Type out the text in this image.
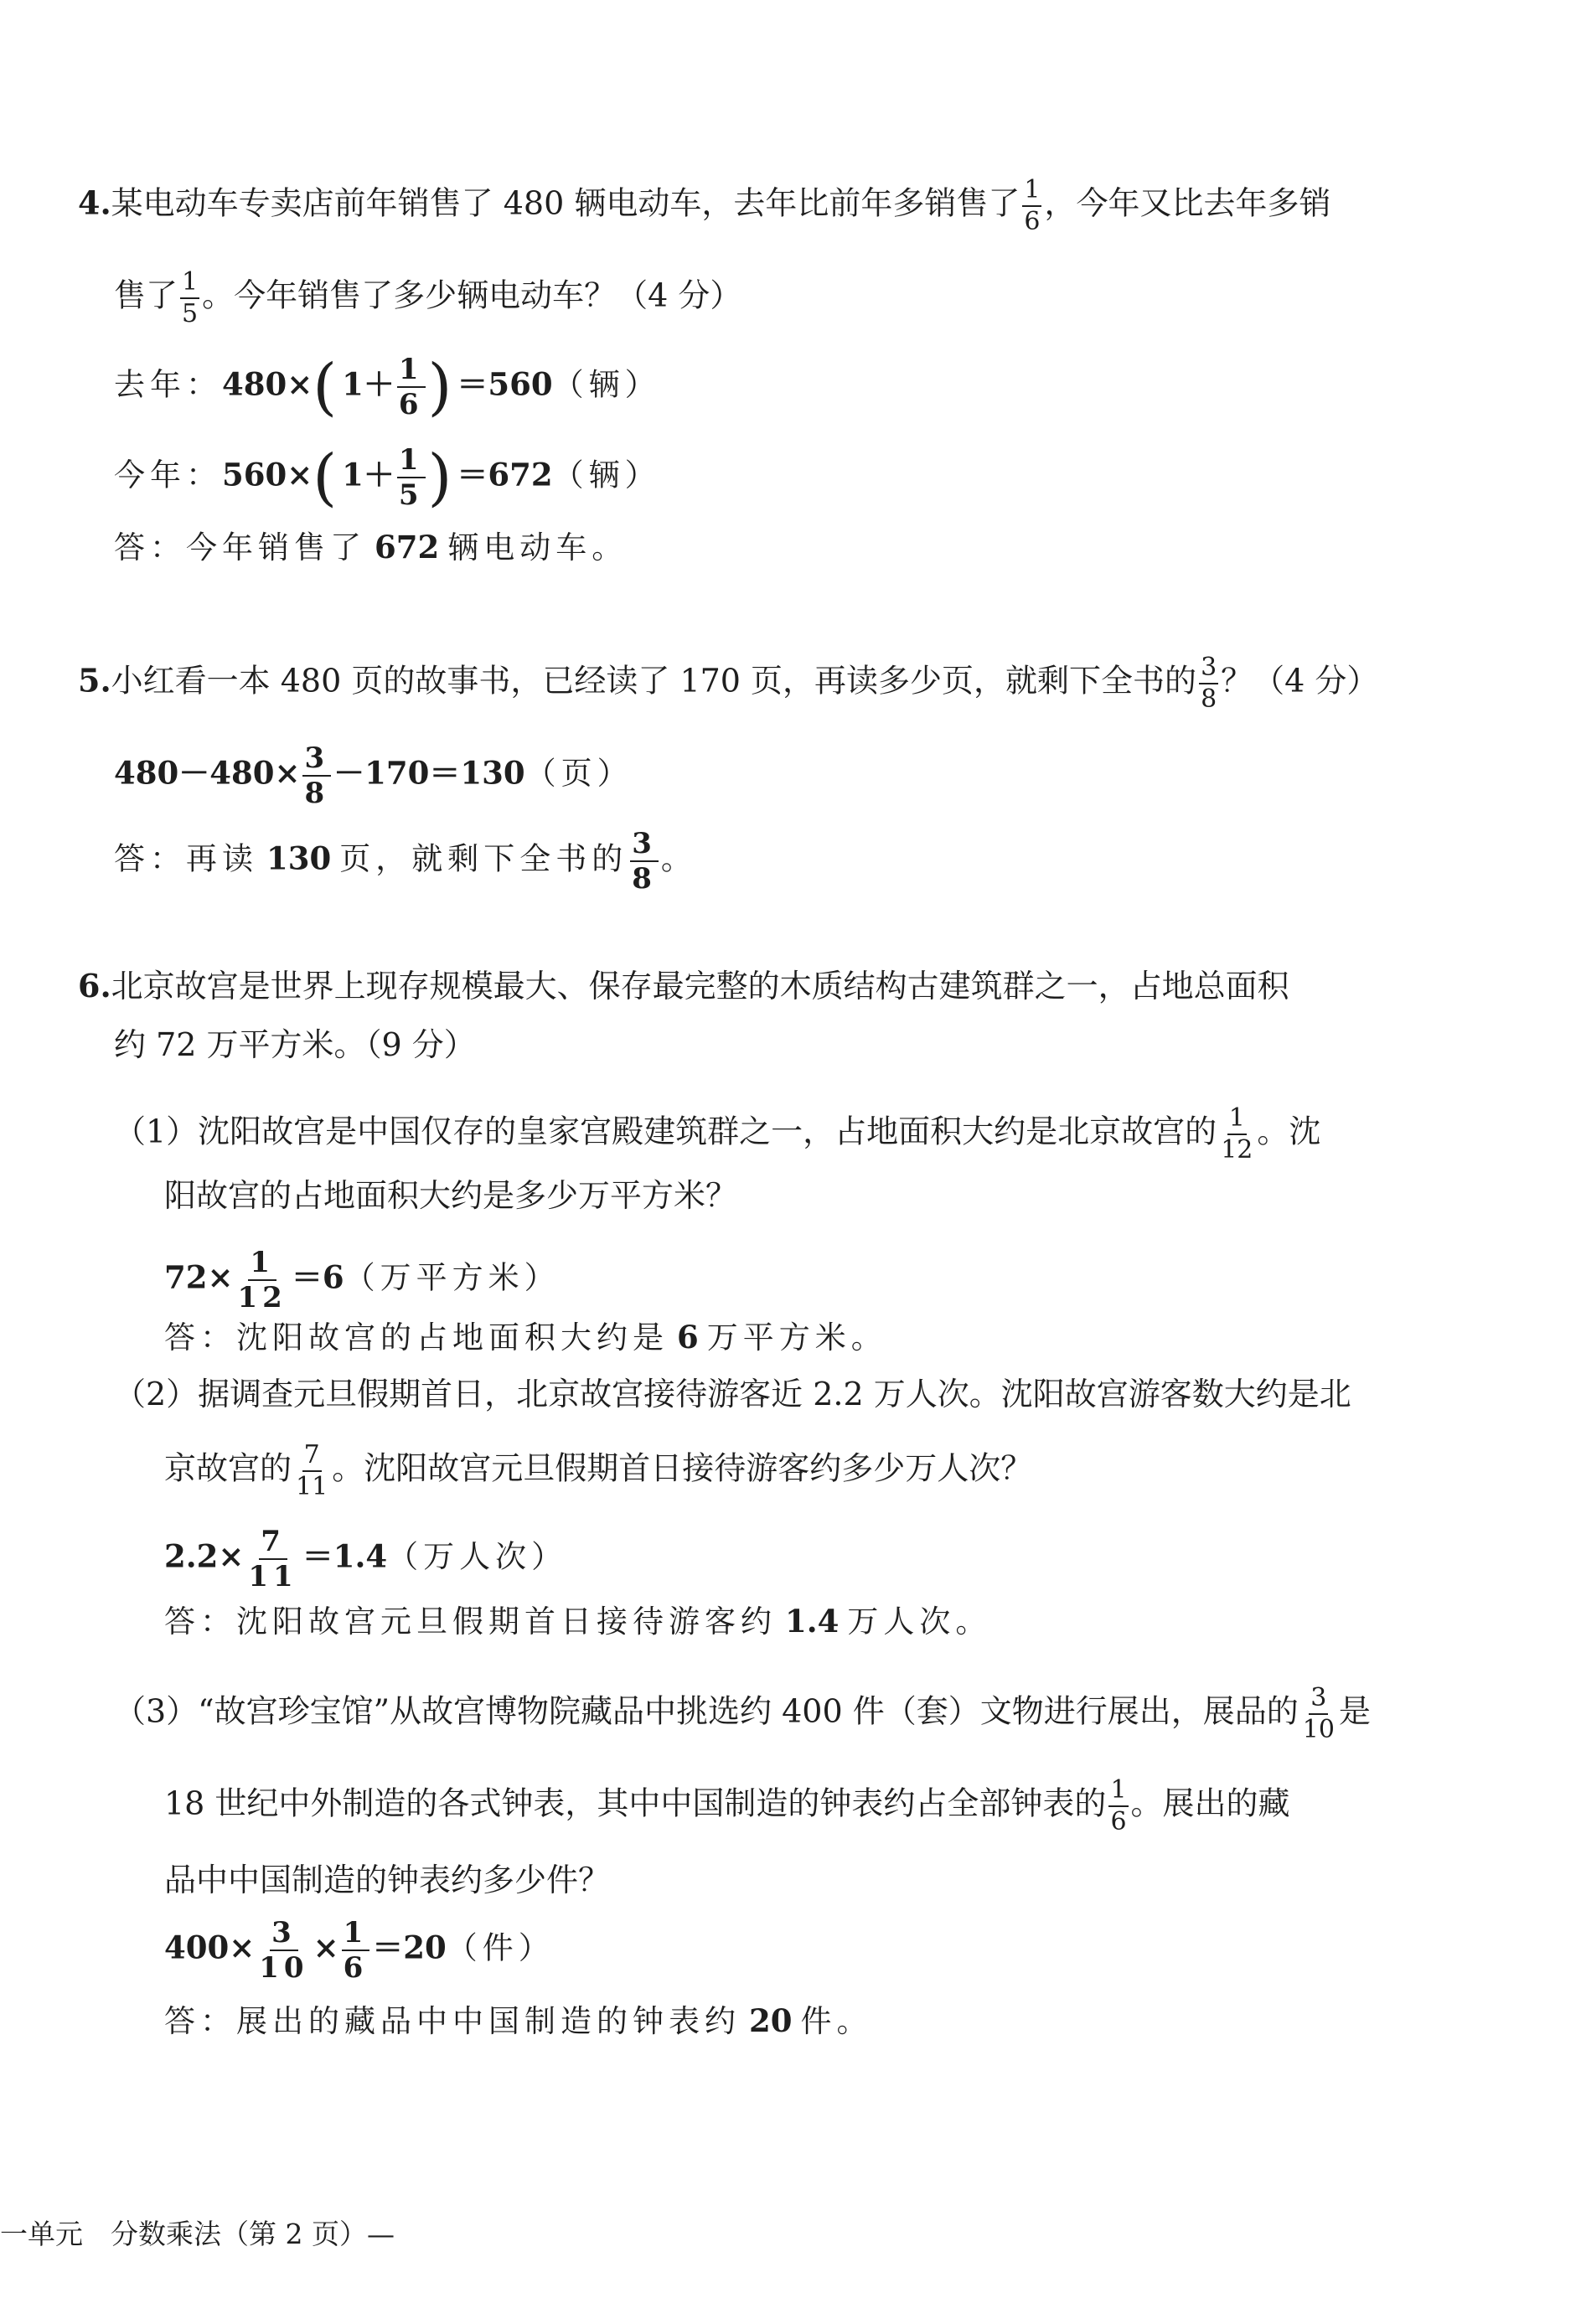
4.某电动车专卖店前年销售了 480 辆电动车，去年比前年多销售了 $\frac{1}{6}$ ，今年又比去年多销
售了 $\frac{1}{5}$ 。今年销售了多少辆电动车？（4 分）
去年：$480\times(1+ \frac{1}{6} )=560$（辆）
今年：$560\times(1+ \frac{1}{5} )=672$（辆）
答：今年销售了 672 辆电动车。
5.小红看一本 480 页的故事书，已经读了 170 页，再读多少页，就剩下全书的 $\frac{3}{8}$ ？（4 分）
$480-480\times \frac{3}{8} -170=130$（页）
答：再读 130 页，就剩下全书的 $\frac{3}{8}$ 。
6.北京故宫是世界上现存规模最大、保存最完整的木质结构古建筑群之一，占地总面积
约 72 万平方米。（9 分）
（1）沈阳故宫是中国仅存的皇家宫殿建筑群之一，占地面积大约是北京故宫的 $\frac{1}{12}$ 。沈
阳故宫的占地面积大约是多少万平方米？
$72\times \frac{1}{12} =6$（万平方米）
答：沈阳故宫的占地面积大约是 6 万平方米。
（2）据调查元旦假期首日，北京故宫接待游客近 2.2 万人次。沈阳故宫游客数大约是北
京故宫的 $\frac{7}{11}$ 。沈阳故宫元旦假期首日接待游客约多少万人次？
$2.2\times \frac{7}{11} =1.4$（万人次）
答：沈阳故宫元旦假期首日接待游客约 1.4 万人次。
（3）“故宫珍宝馆”从故宫博物院藏品中挑选约 400 件（套）文物进行展出，展品的 $\frac{3}{10}$ 是
18 世纪中外制造的各式钟表，其中中国制造的钟表约占全部钟表的 $\frac{1}{6}$ 。展出的藏
品中中国制造的钟表约多少件？
$400\times \frac{3}{10} \times \frac{1}{6} =20$（件）
答：展出的藏品中中国制造的钟表约 20 件。
一单元　分数乘法（第 2 页）—
